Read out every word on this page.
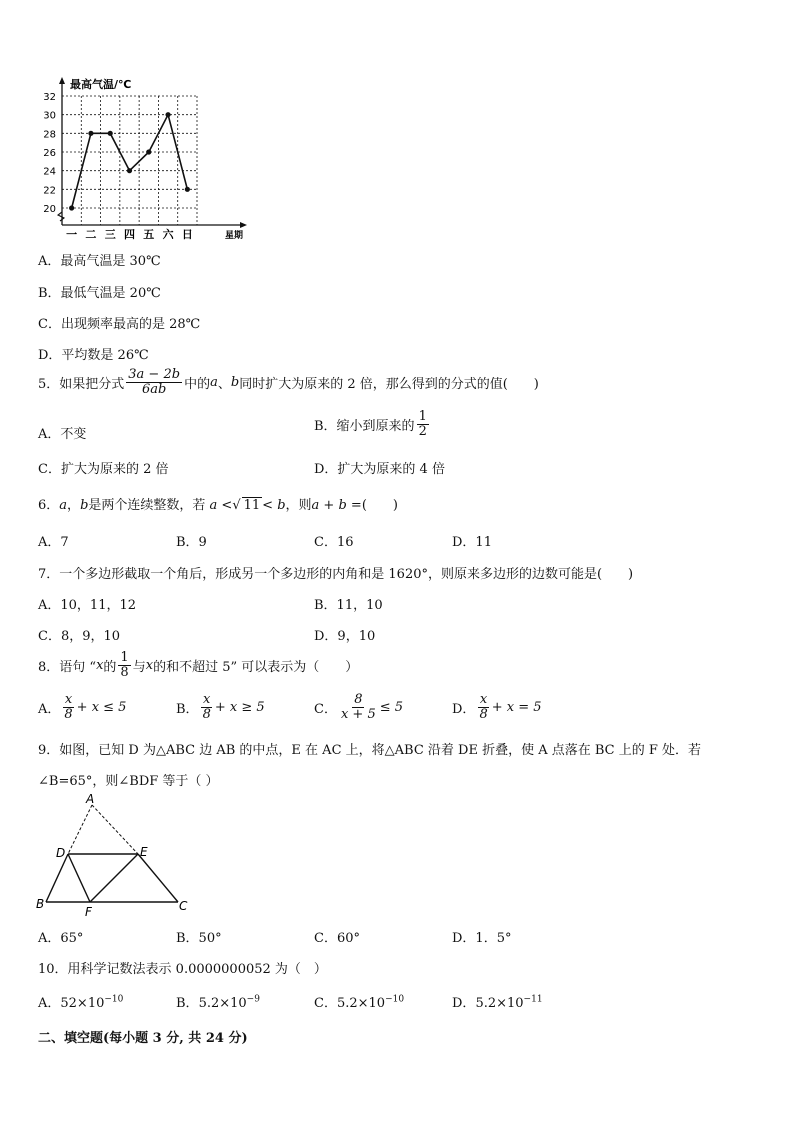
20
22
24
26
28
30
32
一 二 三 四 五 六 日
最高气温/℃
星期
A．最高气温是 30℃
B．最低气温是 20℃
C．出现频率最高的是 28℃
D．平均数是 26℃
5．如果把分式 $\frac{3a - 2b}{6ab}$ 中的 a 、 b 同时扩大为原来的 2 倍，那么得到的分式的值(　　)
A．不变
B．缩小到原来的 $\frac{1}{2}$
C．扩大为原来的 2 倍	D．扩大为原来的 4 倍
6．a，b是两个连续整数，若 a <√ 11 < b，则a + b =(　　)
A．7	B．9	C．16	D．11
7．一个多边形截取一个角后，形成另一个多边形的内角和是 1620°，则原来多边形的边数可能是(　　)
A．10，11，12	B．11，10
C．8，9，10	D．9，10
8．语句 “ x 的 $\frac{1}{8}$ 与 x 的和不超过 5” 可以表示为（　　）
A． $\frac{x}{8} + x \le 5$	B． $\frac{x}{8} + x \ge 5$	C． $\frac{8}{x + 5} \le 5$	D． $\frac{x}{8} + x = 5$
9．如图，已知 D 为△ABC 边 AB 的中点，E 在 AC 上，将△ABC 沿着 DE 折叠，使 A 点落在 BC 上的 F 处．若
∠B=65°，则∠BDF 等于（ ）
A
D	E
B
F	C
A．65°	B．50°	C．60°	D．1．5°
10．用科学记数法表示 0.0000000052 为（　）
A．$52\times 10^{-10}$	B．$5.2\times 10^{-9}$	C．$5.2\times 10^{-10}$	D．$5.2\times 10^{-11}$
二、填空题(每小题 3 分, 共 24 分)
